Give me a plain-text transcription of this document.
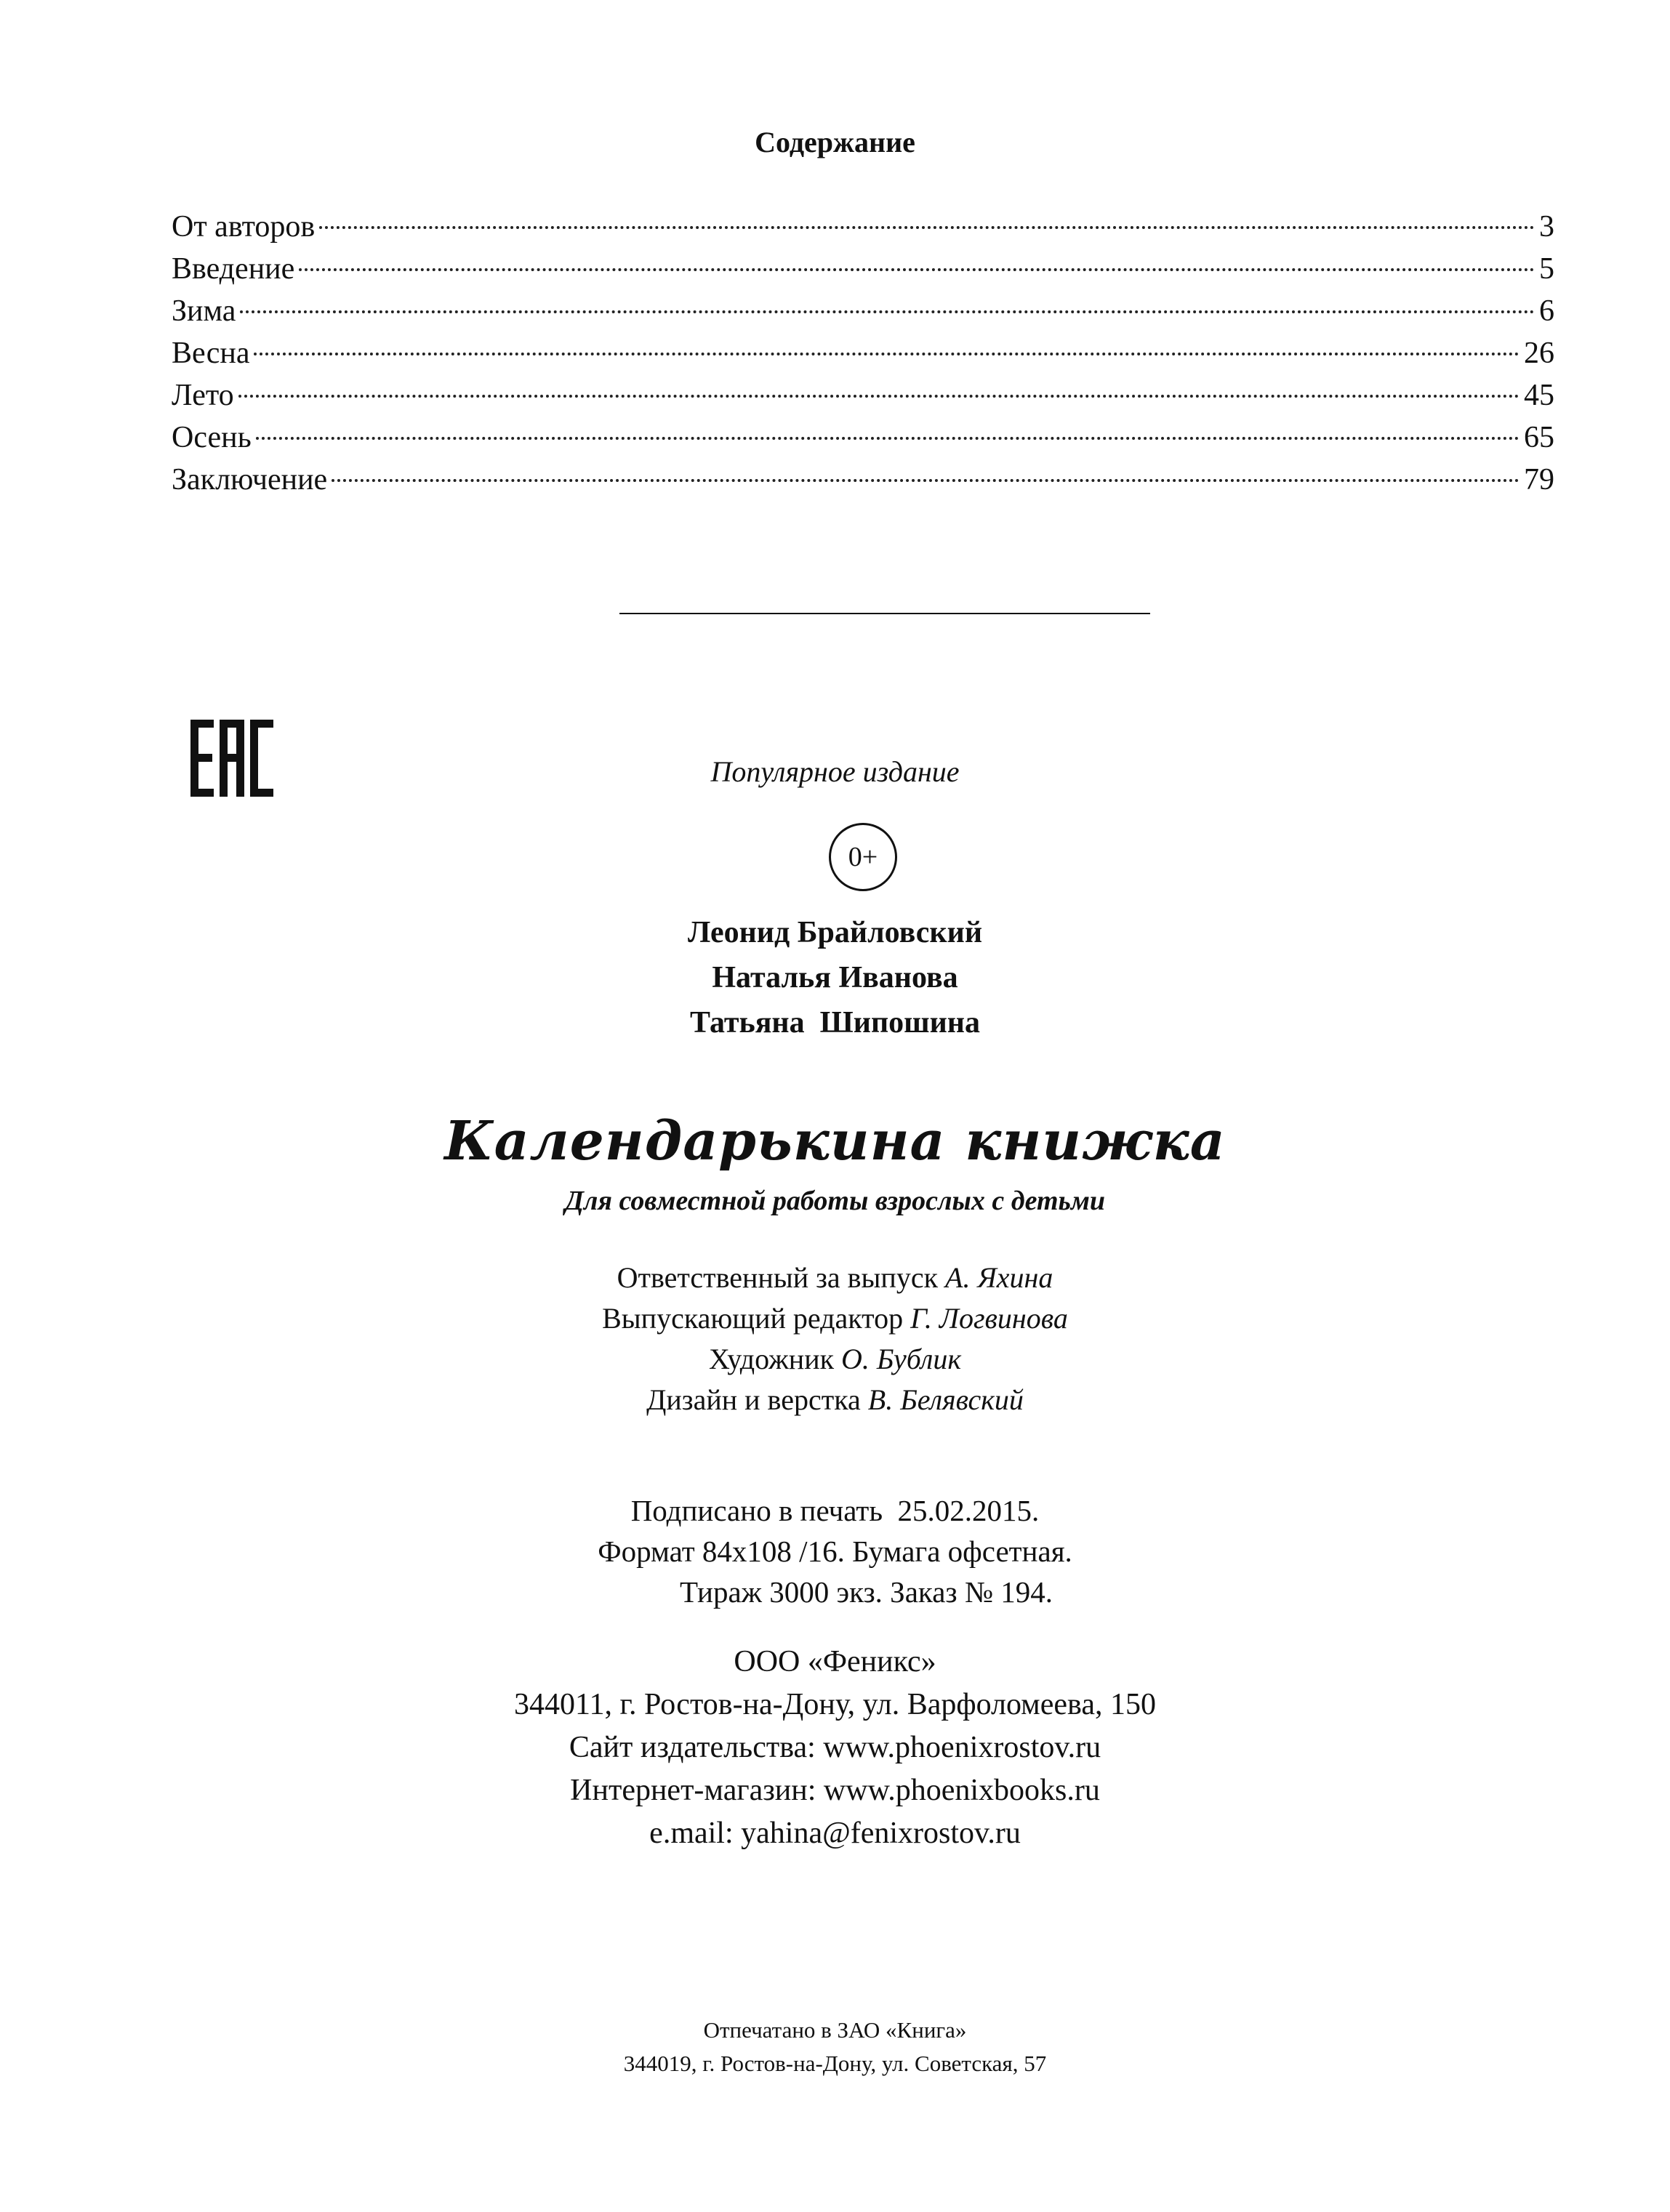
Содержание
От авторов	3
Введение	5
Зима	6
Весна	26
Лето	45
Осень	65
Заключение	79
Популярное издание
0+
Леонид Брайловский
Наталья Иванова
Татьяна  Шипошина
Календарькина книжка
Для совместной работы взрослых с детьми
Ответственный за выпуск А. Яхина
Выпускающий редактор Г. Логвинова
Художник О. Бублик
Дизайн и верстка В. Белявский
Подписано в печать  25.02.2015.
Формат 84x108 /16. Бумага офсетная.
Тираж 3000 экз. Заказ № 194.
ООО «Феникс»
344011, г. Ростов-на-Дону, ул. Варфоломеева, 150
Сайт издательства: www.phoenixrostov.ru
Интернет-магазин: www.phoenixbooks.ru
e.mail: yahina@fenixrostov.ru
Отпечатано в ЗАО «Книга»
344019, г. Ростов-на-Дону, ул. Советская, 57
